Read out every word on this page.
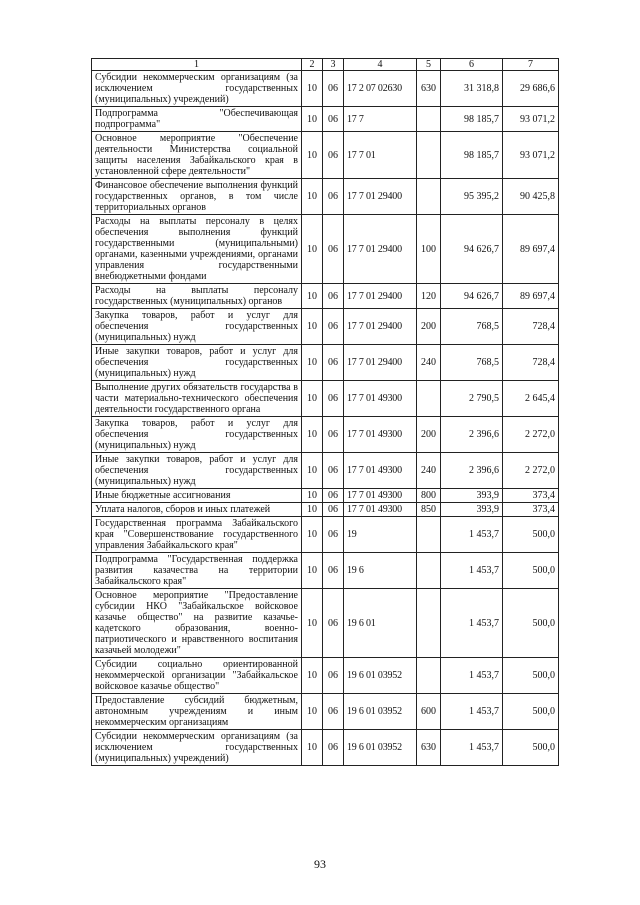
1	2	3	4	5	6	7
Субсидии некоммерческим организациям (за исключением государственных (муниципальных) учреждений)	10	06	17 2 07 02630	630	31 318,8	29 686,6
Подпрограмма "Обеспечивающая подпрограмма"	10	06	17 7		98 185,7	93 071,2
Основное мероприятие "Обеспечение деятельности Министерства социальной защиты населения Забайкальского края в установленной сфере деятельности"	10	06	17 7 01		98 185,7	93 071,2
Финансовое обеспечение выполнения функций государственных органов, в том числе территориальных органов	10	06	17 7 01 29400		95 395,2	90 425,8
Расходы на выплаты персоналу в целях обеспечения выполнения функций государственными (муниципальными) органами, казенными учреждениями, органами управления государственными внебюджетными фондами	10	06	17 7 01 29400	100	94 626,7	89 697,4
Расходы на выплаты персоналу государственных (муниципальных) органов	10	06	17 7 01 29400	120	94 626,7	89 697,4
Закупка товаров, работ и услуг для обеспечения государственных (муниципальных) нужд	10	06	17 7 01 29400	200	768,5	728,4
Иные закупки товаров, работ и услуг для обеспечения государственных (муниципальных) нужд	10	06	17 7 01 29400	240	768,5	728,4
Выполнение других обязательств государства в части материально-технического обеспечения деятельности государственного органа	10	06	17 7 01 49300		2 790,5	2 645,4
Закупка товаров, работ и услуг для обеспечения государственных (муниципальных) нужд	10	06	17 7 01 49300	200	2 396,6	2 272,0
Иные закупки товаров, работ и услуг для обеспечения государственных (муниципальных) нужд	10	06	17 7 01 49300	240	2 396,6	2 272,0
Иные бюджетные ассигнования	10	06	17 7 01 49300	800	393,9	373,4
Уплата налогов, сборов и иных платежей	10	06	17 7 01 49300	850	393,9	373,4
Государственная программа Забайкальского края "Совершенствование государственного управления Забайкальского края"	10	06	19		1 453,7	500,0
Подпрограмма "Государственная поддержка развития казачества на территории Забайкальского края"	10	06	19 6		1 453,7	500,0
Основное мероприятие "Предоставление субсидии НКО "Забайкальское войсковое казачье общество" на развитие казачье-кадетского образования, военно-патриотического и нравственного воспитания казачьей молодежи"	10	06	19 6 01		1 453,7	500,0
Субсидии социально ориентированной некоммерческой организации "Забайкальское войсковое казачье общество"	10	06	19 6 01 03952		1 453,7	500,0
Предоставление субсидий бюджетным, автономным учреждениям и иным некоммерческим организациям	10	06	19 6 01 03952	600	1 453,7	500,0
Субсидии некоммерческим организациям (за исключением государственных (муниципальных) учреждений)	10	06	19 6 01 03952	630	1 453,7	500,0
93
